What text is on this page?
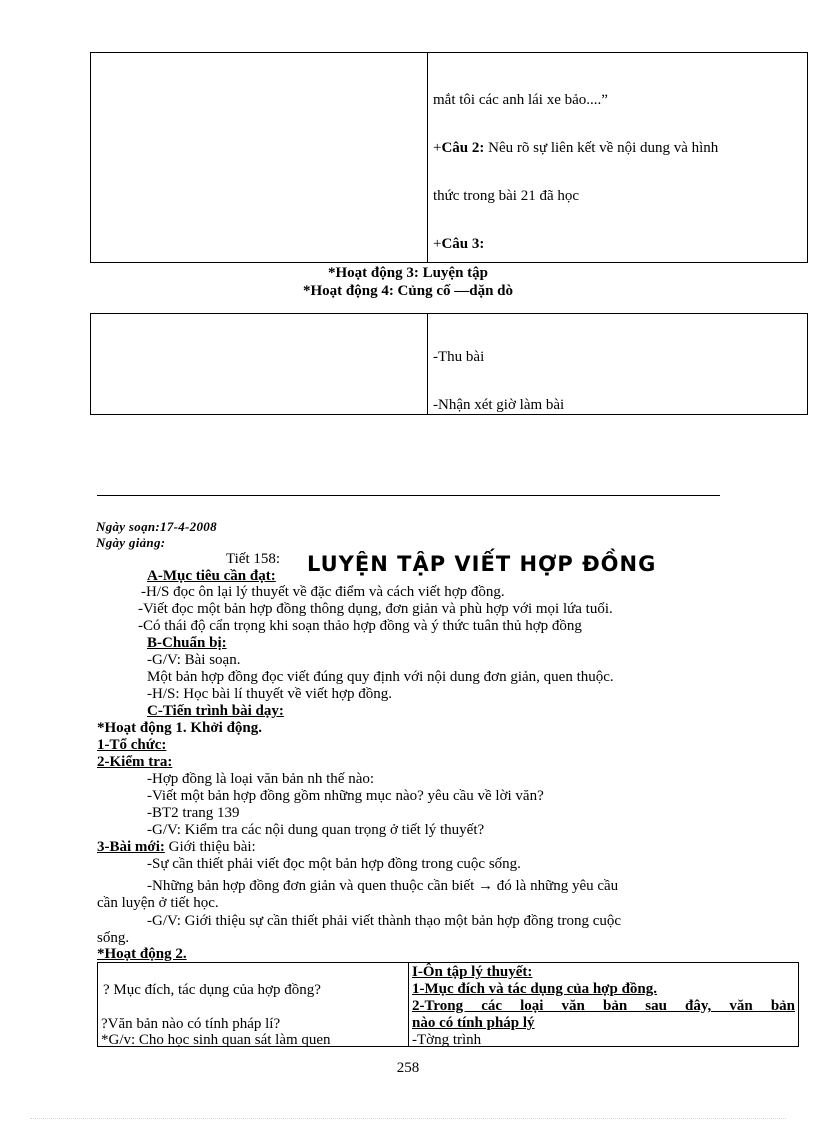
mắt tôi các anh lái xe bảo....”

+Câu 2: Nêu rõ sự liên kết về nội dung và hình

thức trong bài 21 đã học

+Câu 3:

*Hoạt động 3: Luyện tập
*Hoạt động 4: Củng cố —dặn dò

-Thu bài

-Nhận xét giờ làm bài

Ngày soạn:17-4-2008
Ngày giảng:
Tiết 158: LUYỆN TẬP VIẾT HỢP ĐỒNG
A-Mục tiêu cần đạt:
-H/S đọc ôn lại lý thuyết về đặc điểm và cách viết hợp đồng.
-Viết đọc một bản hợp đồng thông dụng, đơn giản và phù hợp với mọi lứa tuổi.
-Có thái độ cẩn trọng khi soạn thảo hợp đồng và ý thức tuân thủ hợp đồng
B-Chuẩn bị:
-G/V: Bài soạn.
Một bản hợp đồng đọc viết đúng quy định với nội dung đơn giản, quen thuộc.
-H/S: Học bài lí thuyết về viết hợp đồng.
C-Tiến trình bài dạy:
*Hoạt động 1. Khởi động.
1-Tổ chức:
2-Kiểm tra:
-Hợp đồng là loại văn bản nh thế nào:
-Viết một bản hợp đồng gồm những mục nào? yêu cầu về lời văn?
-BT2 trang 139
-G/V: Kiểm tra các nội dung quan trọng ở tiết lý thuyết?
3-Bài mới: Giới thiệu bài:
-Sự cần thiết phải viết đọc một bản hợp đồng trong cuộc sống.
-Những bản hợp đồng đơn giản và quen thuộc cần biết → đó là những yêu cầu
cần luyện ở tiết học.
-G/V: Giới thiệu sự cần thiết phải viết thành thạo một bản hợp đồng trong cuộc
sống.
*Hoạt động 2.
? Mục đích, tác dụng của hợp đồng?
?Văn bản nào có tính pháp lí?
*G/v: Cho học sinh quan sát làm quen
I-Ôn tập lý thuyết:
1-Mục đích và tác dụng của hợp đồng.
2-Trong các loại văn bản sau đây, văn bản
nào có tính pháp lý
-Tờng trình
258
